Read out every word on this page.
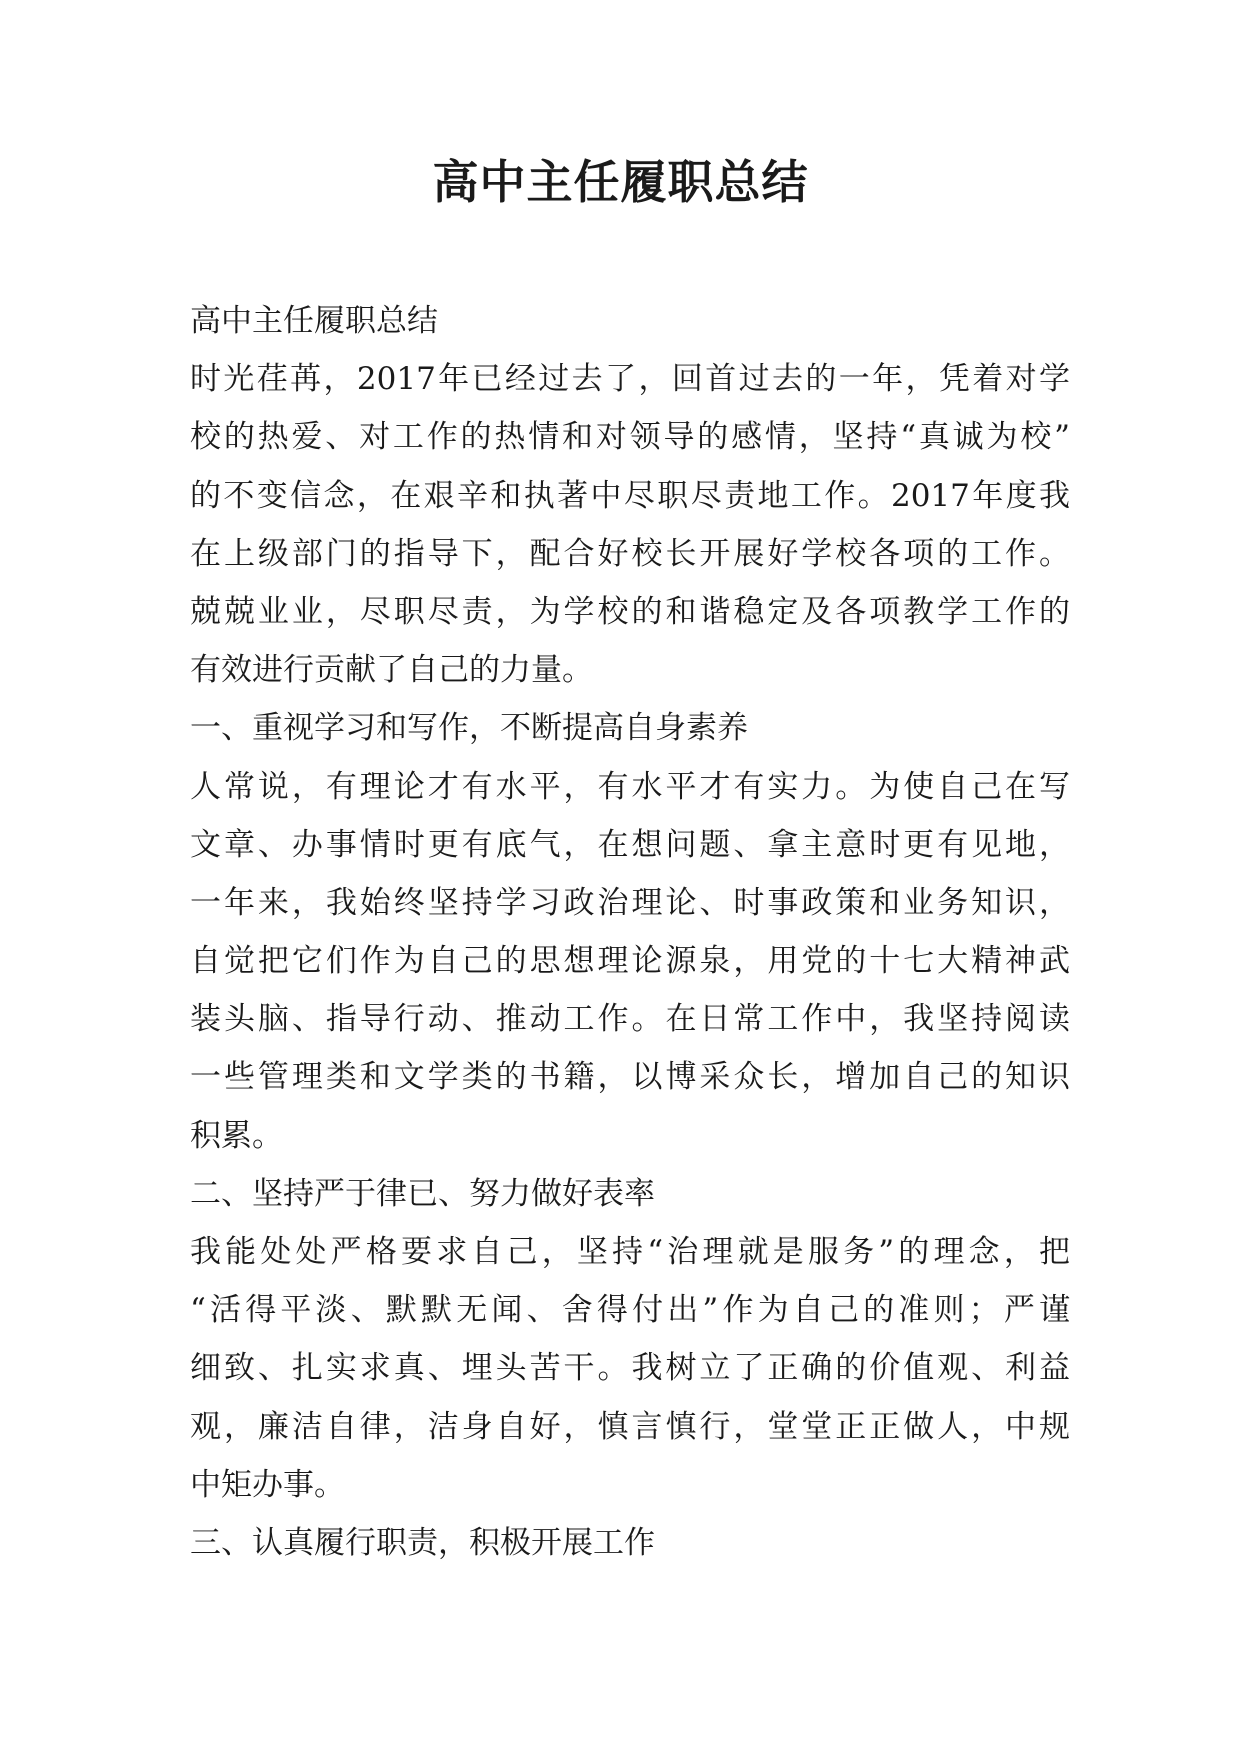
高中主任履职总结
高中主任履职总结
时光荏苒，2017年已经过去了，回首过去的一年，凭着对学
校的热爱、对工作的热情和对领导的感情，坚持“真诚为校”
的不变信念，在艰辛和执著中尽职尽责地工作。2017年度我
在上级部门的指导下，配合好校长开展好学校各项的工作。
兢兢业业，尽职尽责，为学校的和谐稳定及各项教学工作的
有效进行贡献了自己的力量。
一、重视学习和写作，不断提高自身素养
人常说，有理论才有水平，有水平才有实力。为使自己在写
文章、办事情时更有底气，在想问题、拿主意时更有见地，
一年来，我始终坚持学习政治理论、时事政策和业务知识，
自觉把它们作为自己的思想理论源泉，用党的十七大精神武
装头脑、指导行动、推动工作。在日常工作中，我坚持阅读
一些管理类和文学类的书籍，以博采众长，增加自己的知识
积累。
二、坚持严于律已、努力做好表率
我能处处严格要求自己，坚持“治理就是服务”的理念，把
“活得平淡、默默无闻、舍得付出”作为自己的准则；严谨
细致、扎实求真、埋头苦干。我树立了正确的价值观、利益
观，廉洁自律，洁身自好，慎言慎行，堂堂正正做人，中规
中矩办事。
三、认真履行职责，积极开展工作
